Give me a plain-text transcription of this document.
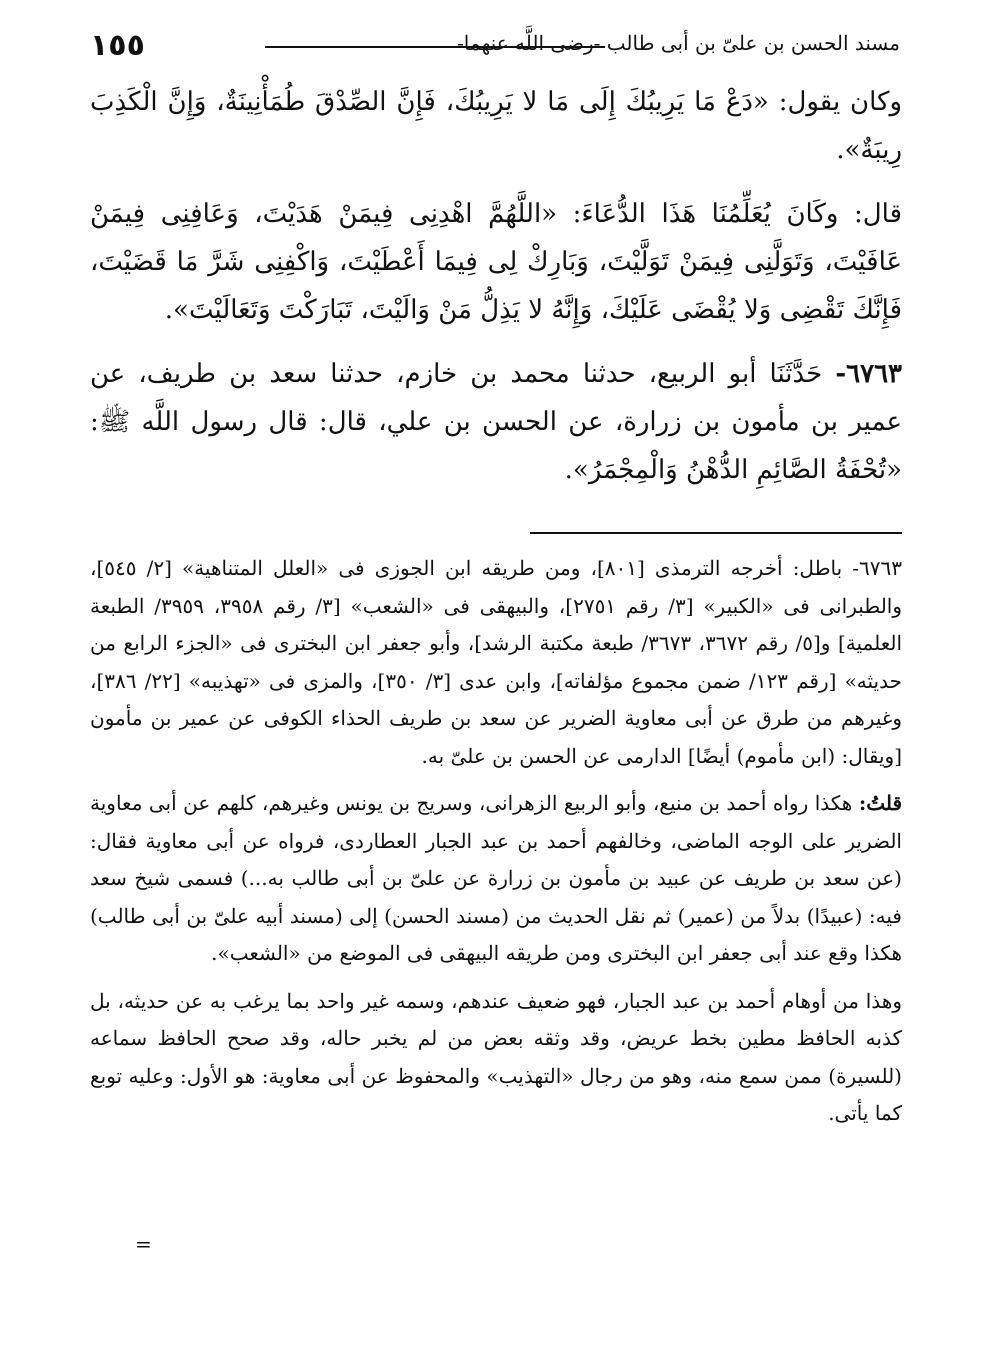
١٥٥	مسند الحسن بن علىّ بن أبى طالب -رضى اللَّه عنهما-

وكان يقول: «دَعْ مَا يَرِيبُكَ إِلَى مَا لا يَرِيبُكَ، فَإِنَّ الصِّدْقَ طُمَأْنِينَةٌ، وَإِنَّ الْكَذِبَ رِيبَةٌ».

قال: وكَانَ يُعَلِّمُنَا هَذَا الدُّعَاءَ: «اللَّهُمَّ اهْدِنِى فِيمَنْ هَدَيْتَ، وَعَافِنِى فِيمَنْ عَافَيْتَ، وَتَوَلَّنِى فِيمَنْ تَوَلَّيْتَ، وَبَارِكْ لِى فِيمَا أَعْطَيْتَ، وَاكْفِنِى شَرَّ مَا قَضَيْتَ، فَإِنَّكَ تَقْضِى وَلا يُقْضَى عَلَيْكَ، وَإِنَّهُ لا يَذِلُّ مَنْ وَالَيْتَ، تَبَارَكْتَ وَتَعَالَيْتَ».

٦٧٦٣- حَدَّثَنَا أبو الربيع، حدثنا محمد بن خازم، حدثنا سعد بن طريف، عن عمير بن مأمون بن زرارة، عن الحسن بن علي، قال: قال رسول اللَّه ﷺ: «تُحْفَةُ الصَّائِمِ الدُّهْنُ وَالْمِجْمَرُ».

٦٧٦٣- باطل: أخرجه الترمذى [٨٠١]، ومن طريقه ابن الجوزى فى «العلل المتناهية» [٢/ ٥٤٥]، والطبرانى فى «الكبير» [٣/ رقم ٢٧٥١]، والبيهقى فى «الشعب» [٣/ رقم ٣٩٥٨، ٣٩٥٩/ الطبعة العلمية] و[٥/ رقم ٣٦٧٢، ٣٦٧٣/ طبعة مكتبة الرشد]، وأبو جعفر ابن البخترى فى «الجزء الرابع من حديثه» [رقم ١٢٣/ ضمن مجموع مؤلفاته]، وابن عدى [٣/ ٣٥٠]، والمزى فى «تهذيبه» [٢٢/ ٣٨٦]، وغيرهم من طرق عن أبى معاوية الضرير عن سعد بن طريف الحذاء الكوفى عن عمير بن مأمون [ويقال: (ابن مأموم) أيضًا] الدارمى عن الحسن بن علىّ به.

قلتُ: هكذا رواه أحمد بن منيع، وأبو الربيع الزهرانى، وسريج بن يونس وغيرهم، كلهم عن أبى معاوية الضرير على الوجه الماضى، وخالفهم أحمد بن عبد الجبار العطاردى، فرواه عن أبى معاوية فقال: (عن سعد بن طريف عن عبيد بن مأمون بن زرارة عن علىّ بن أبى طالب به...) فسمى شيخ سعد فيه: (عبيدًا) بدلاً من (عمير) ثم نقل الحديث من (مسند الحسن) إلى (مسند أبيه علىّ بن أبى طالب) هكذا وقع عند أبى جعفر ابن البخترى ومن طريقه البيهقى فى الموضع من «الشعب».

وهذا من أوهام أحمد بن عبد الجبار، فهو ضعيف عندهم، وسمه غير واحد بما يرغب به عن حديثه، بل كذبه الحافظ مطين بخط عريض، وقد وثقه بعض من لم يخبر حاله، وقد صحح الحافظ سماعه (للسيرة) ممن سمع منه، وهو من رجال «التهذيب» والمحفوظ عن أبى معاوية: هو الأول: وعليه توبع كما يأتى.

=
